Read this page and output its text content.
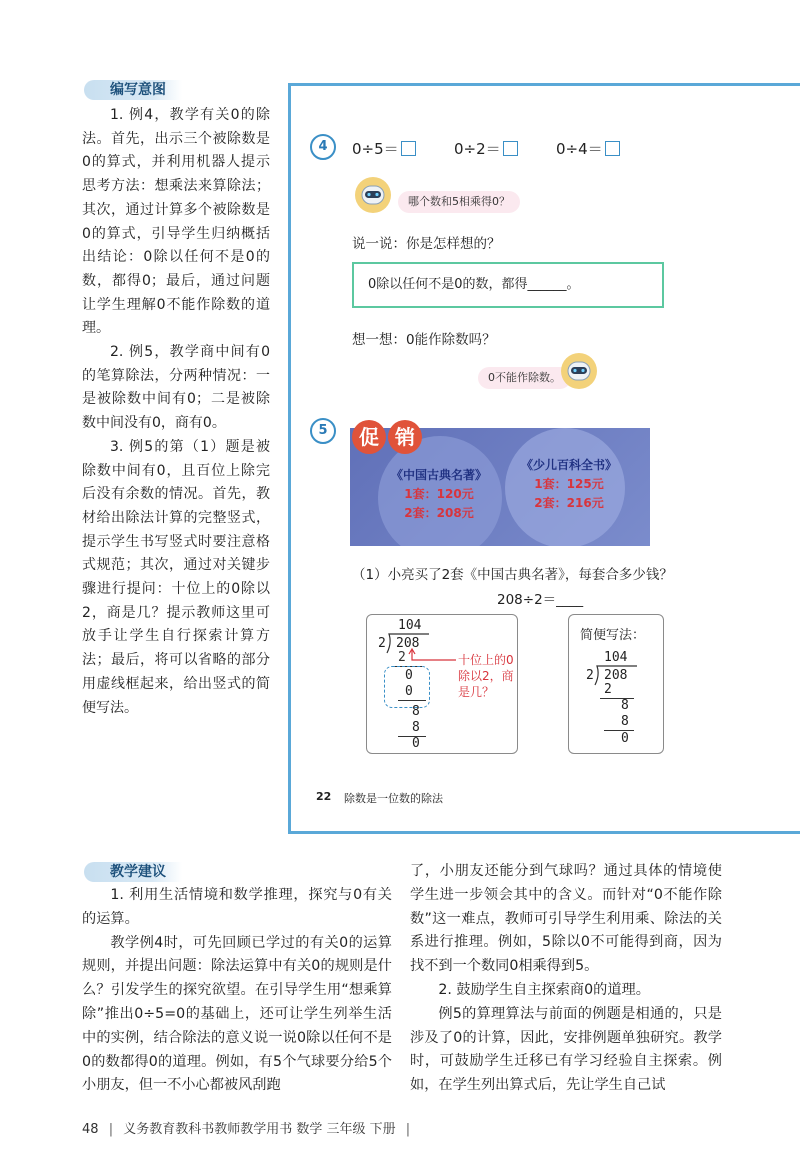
编写意图

1. 例4，教学有关0的除法。首先，出示三个被除数是0的算式，并利用机器人提示思考方法：想乘法来算除法；其次，通过计算多个被除数是0的算式，引导学生归纳概括出结论：0除以任何不是0的数，都得0；最后，通过问题让学生理解0不能作除数的道理。

2. 例5，教学商中间有0的笔算除法，分两种情况：一是被除数中间有0；二是被除数中间没有0，商有0。

3. 例5的第（1）题是被除数中间有0，且百位上除完后没有余数的情况。首先，教材给出除法计算的完整竖式，提示学生书写竖式时要注意格式规范；其次，通过对关键步骤进行提问：十位上的0除以2，商是几？提示教师这里可放手让学生自行探索计算方法；最后，将可以省略的部分用虚线框起来，给出竖式的简便写法。

4	0÷5＝	0÷2＝	0÷4＝
哪个数和5相乘得0？
说一说：你是怎样想的？
0除以任何不是0的数，都得______。
想一想：0能作除数吗？
0不能作除数。
5	促 销
《中国古典名著》
1套：120元
2套：208元
《少儿百科全书》
1套：125元
2套：216元
（1）小亮买了2套《中国古典名著》，每套合多少钱？
208÷2＝____
104
2 208
2
0
0
8
8
0
十位上的0除以2，商是几？
简便写法：
104
2 208
2
8
8
0
22 除数是一位数的除法
教学建议

1. 利用生活情境和数学推理，探究与0有关的运算。

教学例4时，可先回顾已学过的有关0的运算规则，并提出问题：除法运算中有关0的规则是什么？引发学生的探究欲望。在引导学生用“想乘算除”推出0÷5=0的基础上，还可让学生列举生活中的实例，结合除法的意义说一说0除以任何不是0的数都得0的道理。例如，有5个气球要分给5个小朋友，但一不小心都被风刮跑

了，小朋友还能分到气球吗？通过具体的情境使学生进一步领会其中的含义。而针对“0不能作除数”这一难点，教师可引导学生利用乘、除法的关系进行推理。例如，5除以0不可能得到商，因为找不到一个数同0相乘得到5。

2. 鼓励学生自主探索商0的道理。

例5的算理算法与前面的例题是相通的，只是涉及了0的计算，因此，安排例题单独研究。教学时，可鼓励学生迁移已有学习经验自主探索。例如，在学生列出算式后，先让学生自己试

48 | 义务教育教科书教师教学用书 数学 三年级 下册 |
